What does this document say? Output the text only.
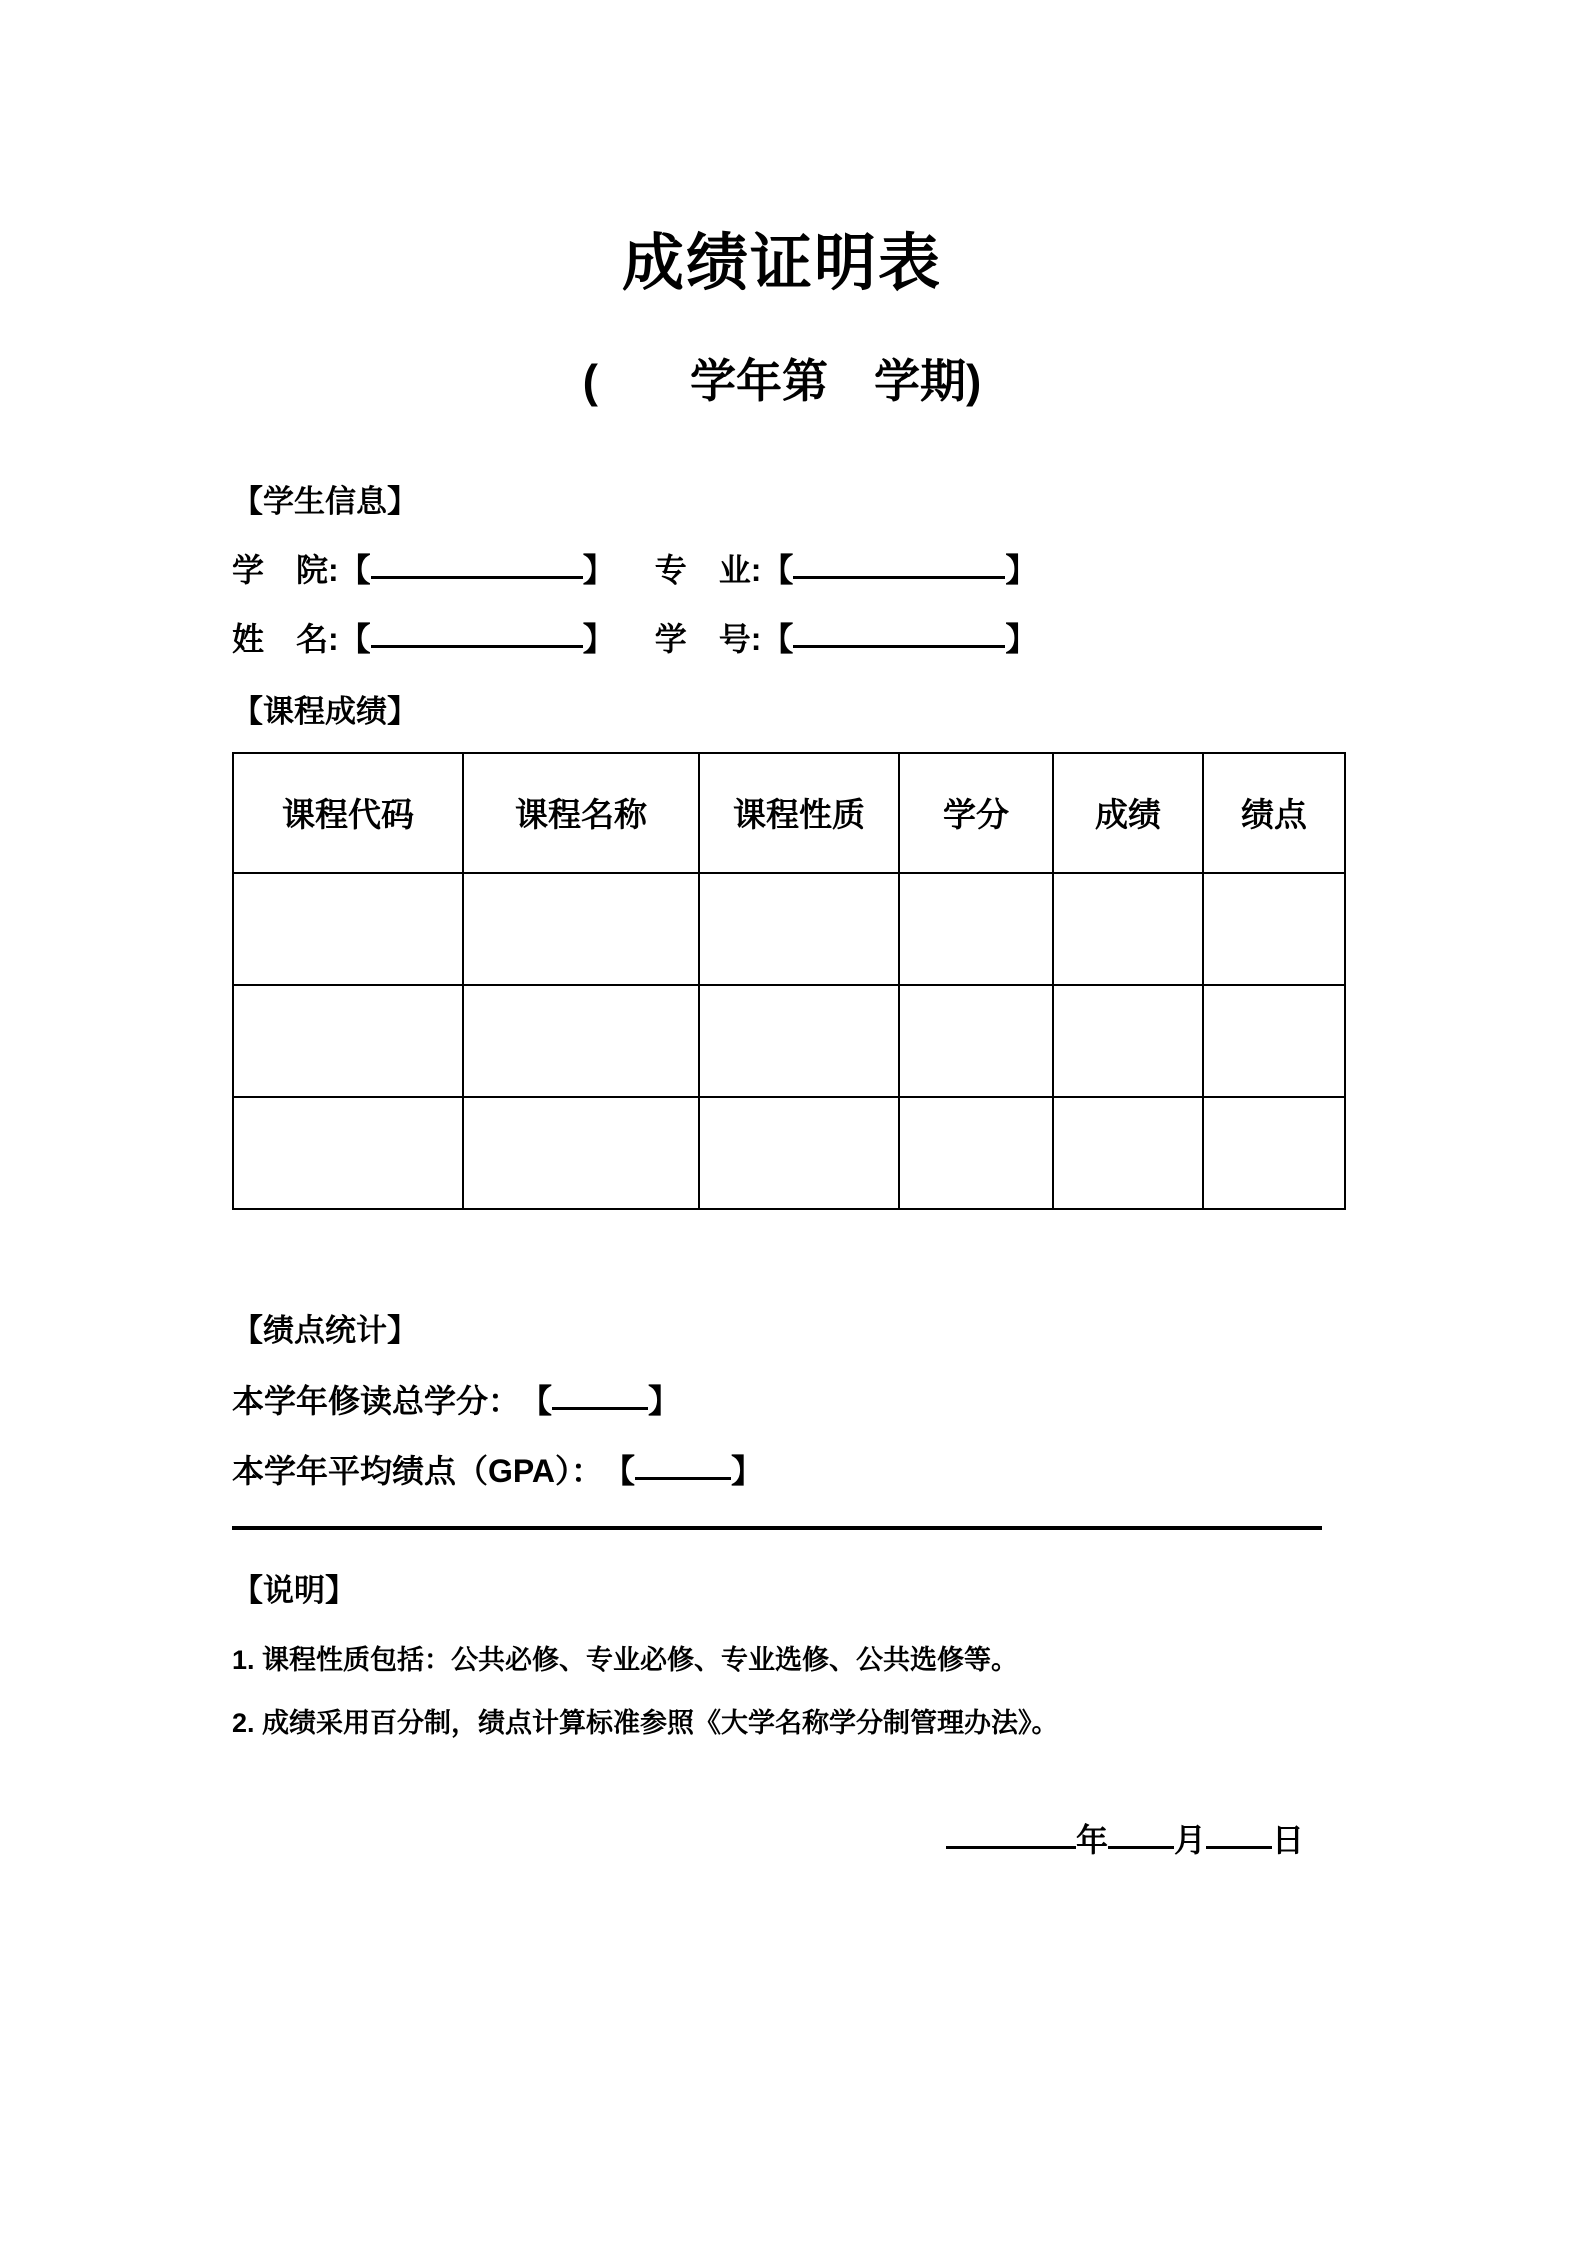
成绩证明表
(　　学年第　学期)
【学生信息】
学　院: 【	】 专　业: 【	】
姓　名: 【	】 学　号: 【	】
【课程成绩】
课程代码	课程名称	课程性质	学分	成绩	绩点

【绩点统计】
本学年修读总学分： 【	】
本学年平均绩点（GPA）： 【	】
【说明】
1. 课程性质包括：公共必修、专业必修、专业选修、公共选修等。
2. 成绩采用百分制，绩点计算标准参照《大学名称学分制管理办法》。

年 月 日
